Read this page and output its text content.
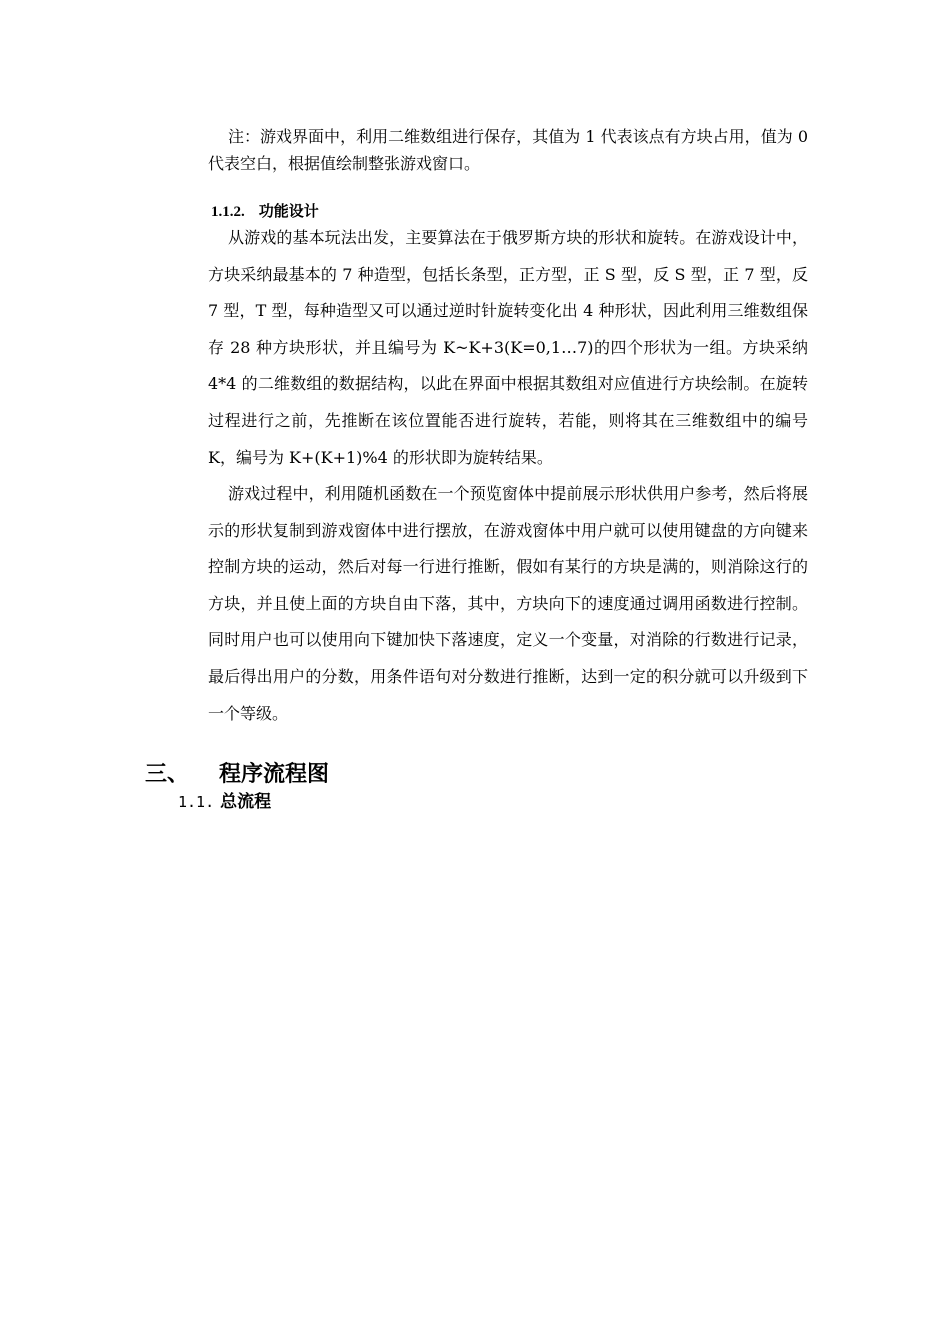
注：游戏界面中，利用二维数组进行保存，其值为 1 代表该点有方块占用，值为 0 代表空白，根据值绘制整张游戏窗口。

1.1.2. 功能设计

从游戏的基本玩法出发，主要算法在于俄罗斯方块的形状和旋转。在游戏设计中，方块采纳最基本的 7 种造型，包括长条型，正方型，正 S 型，反 S 型，正 7 型，反 7 型，T 型，每种造型又可以通过逆时针旋转变化出 4 种形状，因此利用三维数组保存 28 种方块形状，并且编号为 K~K+3(K=0,1…7)的四个形状为一组。方块采纳 4*4 的二维数组的数据结构，以此在界面中根据其数组对应值进行方块绘制。在旋转过程进行之前，先推断在该位置能否进行旋转，若能，则将其在三维数组中的编号 K，编号为 K+(K+1)%4 的形状即为旋转结果。

游戏过程中，利用随机函数在一个预览窗体中提前展示形状供用户参考，然后将展示的形状复制到游戏窗体中进行摆放，在游戏窗体中用户就可以使用键盘的方向键来控制方块的运动，然后对每一行进行推断，假如有某行的方块是满的，则消除这行的方块，并且使上面的方块自由下落，其中，方块向下的速度通过调用函数进行控制。同时用户也可以使用向下键加快下落速度，定义一个变量，对消除的行数进行记录，最后得出用户的分数，用条件语句对分数进行推断，达到一定的积分就可以升级到下一个等级。

三、 程序流程图
1.1. 总流程
